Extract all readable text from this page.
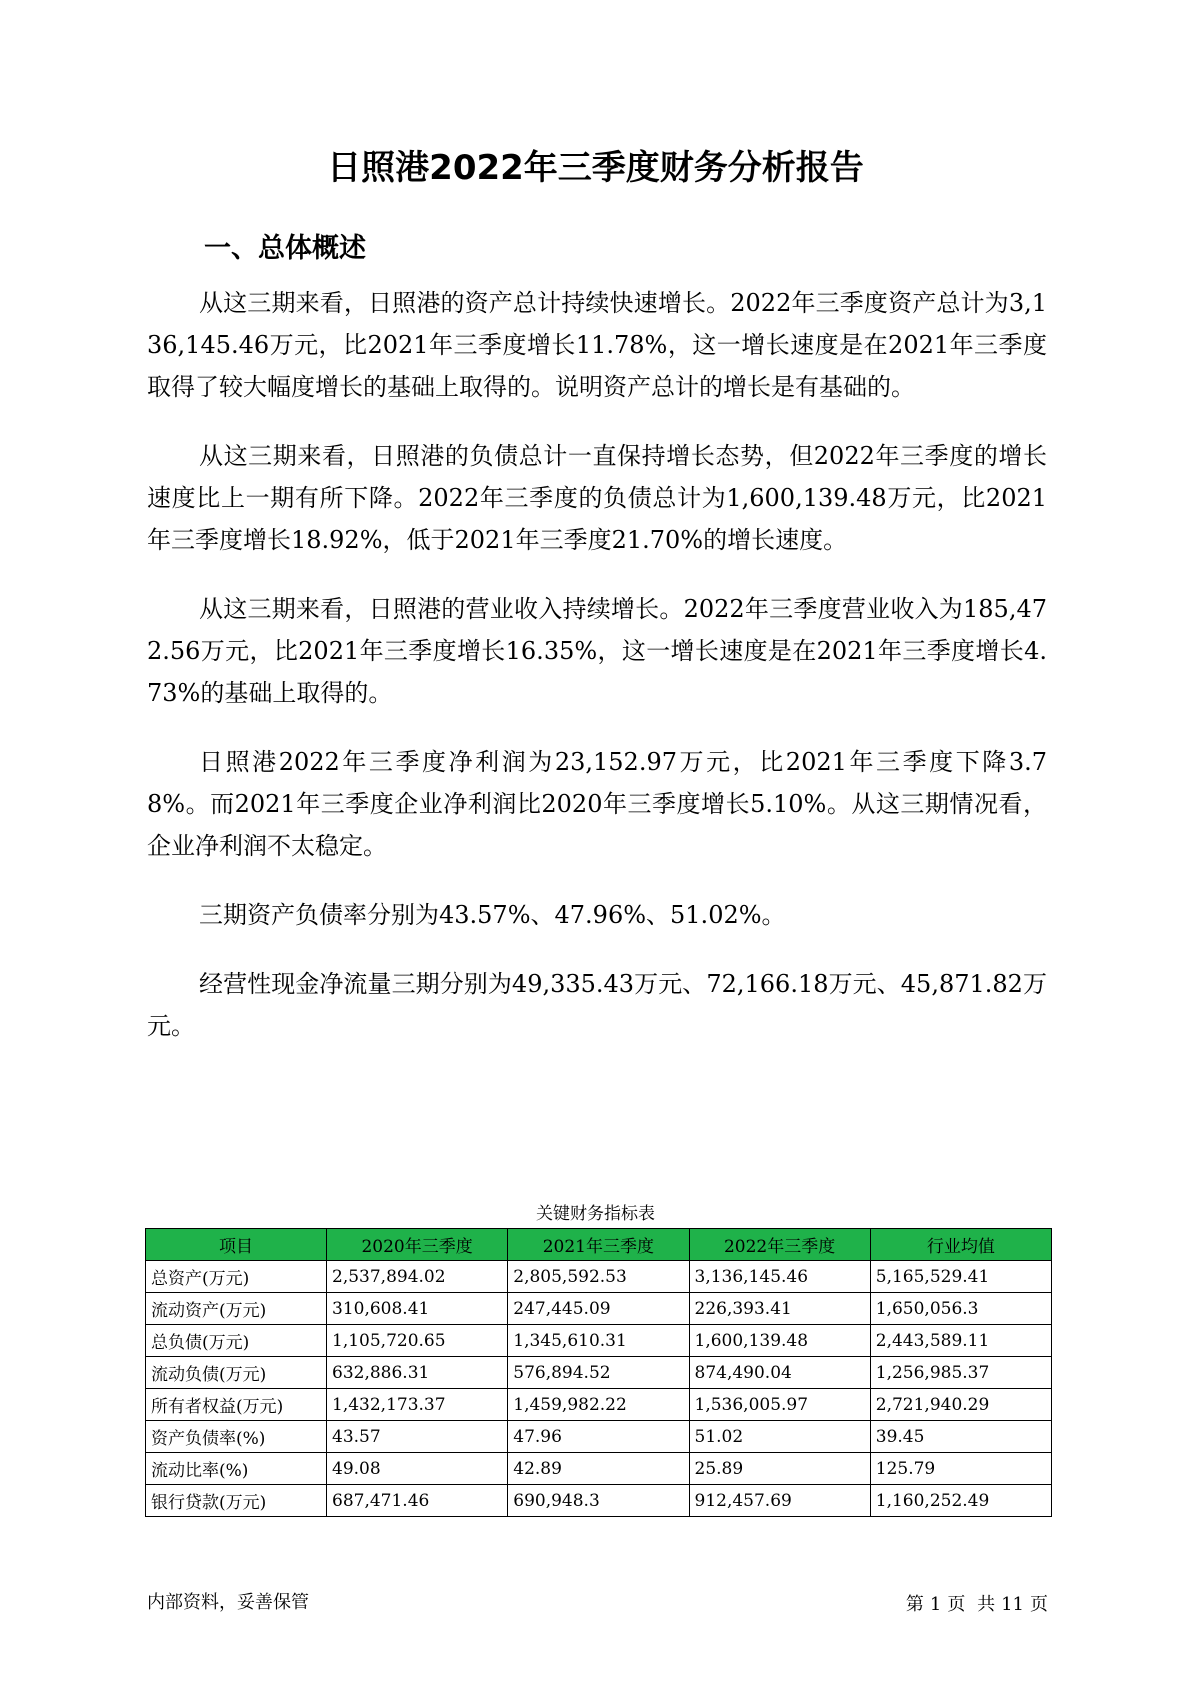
日照港2022年三季度财务分析报告
一、总体概述

从这三期来看，日照港的资产总计持续快速增长。2022年三季度资产总计为3,136,145.46万元，比2021年三季度增长11.78%，这一增长速度是在2021年三季度取得了较大幅度增长的基础上取得的。说明资产总计的增长是有基础的。

从这三期来看，日照港的负债总计一直保持增长态势，但2022年三季度的增长速度比上一期有所下降。2022年三季度的负债总计为1,600,139.48万元，比2021年三季度增长18.92%，低于2021年三季度21.70%的增长速度。

从这三期来看，日照港的营业收入持续增长。2022年三季度营业收入为185,472.56万元，比2021年三季度增长16.35%，这一增长速度是在2021年三季度增长4.73%的基础上取得的。

日照港2022年三季度净利润为23,152.97万元，比2021年三季度下降3.78%。而2021年三季度企业净利润比2020年三季度增长5.10%。从这三期情况看，企业净利润不太稳定。

三期资产负债率分别为43.57%、47.96%、51.02%。

经营性现金净流量三期分别为49,335.43万元、72,166.18万元、45,871.82万元。

关键财务指标表
项目	2020年三季度	2021年三季度	2022年三季度	行业均值
总资产(万元)	2,537,894.02	2,805,592.53	3,136,145.46	5,165,529.41
流动资产(万元)	310,608.41	247,445.09	226,393.41	1,650,056.3
总负债(万元)	1,105,720.65	1,345,610.31	1,600,139.48	2,443,589.11
流动负债(万元)	632,886.31	576,894.52	874,490.04	1,256,985.37
所有者权益(万元)	1,432,173.37	1,459,982.22	1,536,005.97	2,721,940.29
资产负债率(%)	43.57	47.96	51.02	39.45
流动比率(%)	49.08	42.89	25.89	125.79
银行贷款(万元)	687,471.46	690,948.3	912,457.69	1,160,252.49
内部资料，妥善保管	第 1 页 共 11 页
